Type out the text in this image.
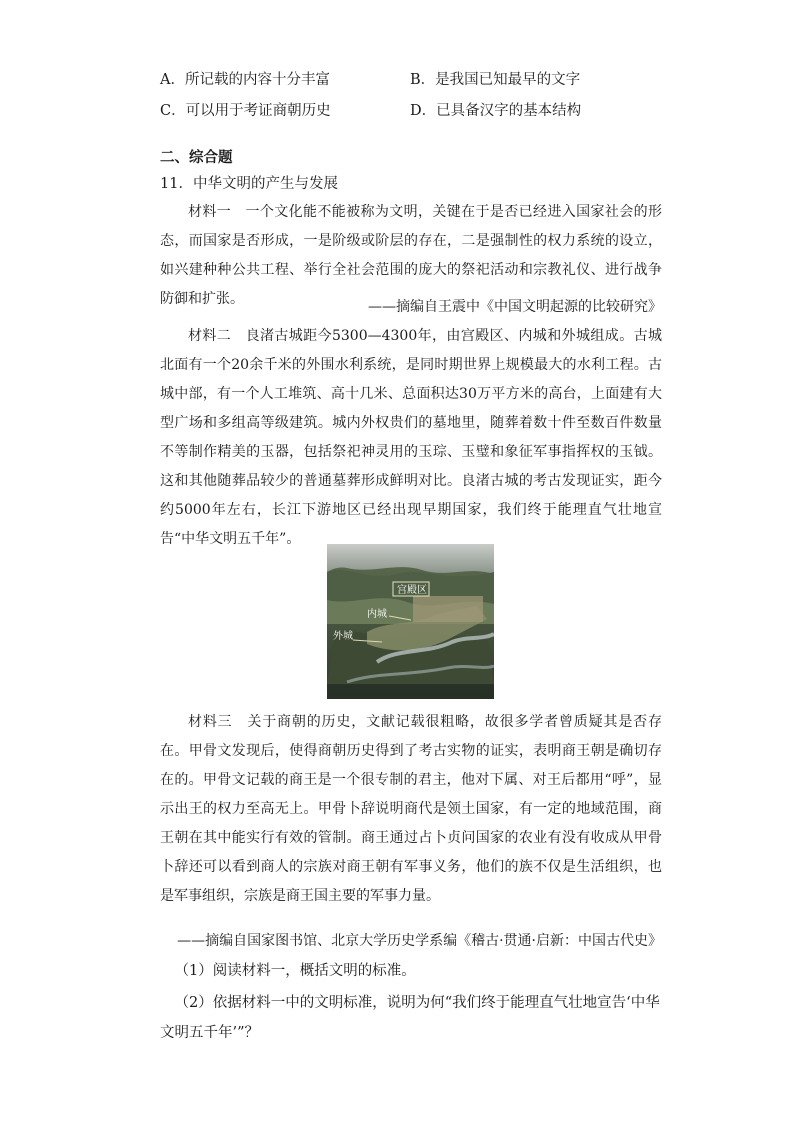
A．所记载的内容十分丰富	B．是我国已知最早的文字
C．可以用于考证商朝历史	D．已具备汉字的基本结构
二、综合题
11．中华文明的产生与发展

材料一　一个文化能不能被称为文明，关键在于是否已经进入国家社会的形态，而国家是否形成，一是阶级或阶层的存在，二是强制性的权力系统的设立，如兴建种种公共工程、举行全社会范围的庞大的祭祀活动和宗教礼仪、进行战争防御和扩张。	——摘编自王震中《中国文明起源的比较研究》

材料二　良渚古城距今5300—4300年，由宫殿区、内城和外城组成。古城北面有一个20余千米的外围水利系统，是同时期世界上规模最大的水利工程。古城中部，有一个人工堆筑、高十几米、总面积达30万平方米的高台，上面建有大型广场和多组高等级建筑。城内外权贵们的墓地里，随葬着数十件至数百件数量不等制作精美的玉器，包括祭祀神灵用的玉琮、玉璧和象征军事指挥权的玉钺。这和其他随葬品较少的普通墓葬形成鲜明对比。良渚古城的考古发现证实，距今约5000年左右，长江下游地区已经出现早期国家，我们终于能理直气壮地宣告“中华文明五千年”。

宫殿区
内城
外城

材料三　关于商朝的历史，文献记载很粗略，故很多学者曾质疑其是否存在。甲骨文发现后，使得商朝历史得到了考古实物的证实，表明商王朝是确切存在的。甲骨文记载的商王是一个很专制的君主，他对下属、对王后都用“呼”，显示出王的权力至高无上。甲骨卜辞说明商代是领土国家，有一定的地域范围，商王朝在其中能实行有效的管制。商王通过占卜贞问国家的农业有没有收成从甲骨卜辞还可以看到商人的宗族对商王朝有军事义务，他们的族不仅是生活组织，也是军事组织，宗族是商王国主要的军事力量。

——摘编自国家图书馆、北京大学历史学系编《稽古·贯通·启新：中国古代史》

（1）阅读材料一，概括文明的标准。

（2）依据材料一中的文明标准，说明为何“我们终于能理直气壮地宣告‘中华文明五千年’”？
